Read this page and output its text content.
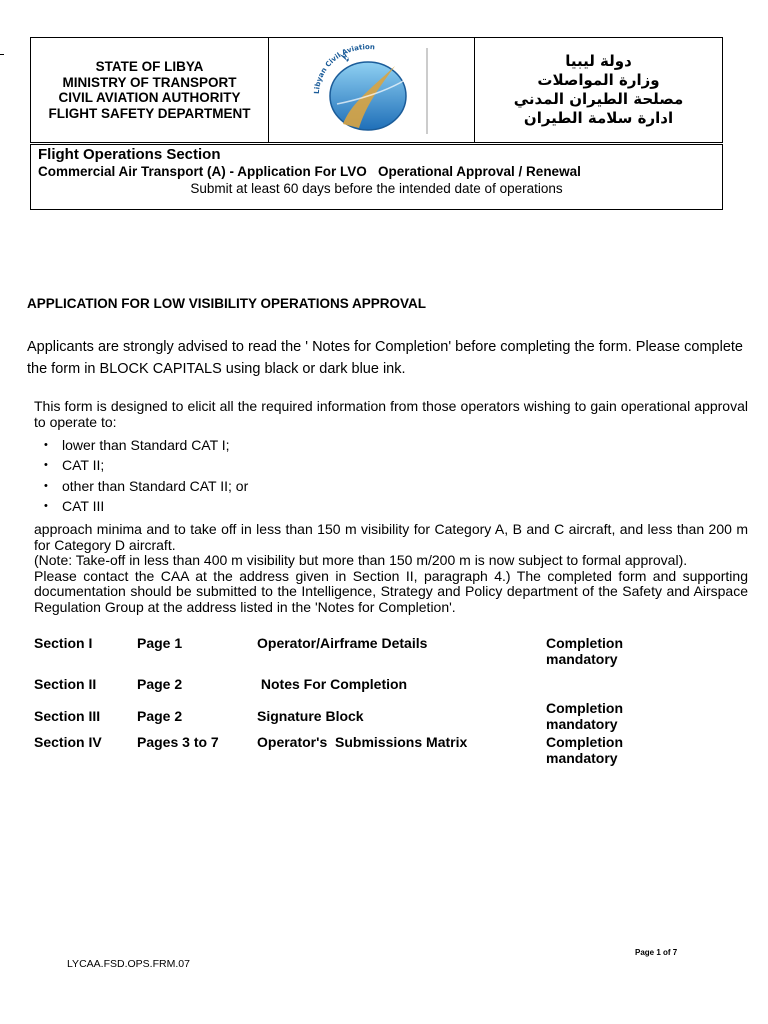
STATE OF LIBYA
MINISTRY OF TRANSPORT
CIVIL AVIATION AUTHORITY
FLIGHT SAFETY DEPARTMENT
Libyan Civil Aviation
دولة ليبيا
وزارة المواصلات
مصلحة الطيران المدني
ادارة سلامة الطيران
Flight Operations Section
Commercial Air Transport (A) - Application For LVO   Operational Approval / Renewal
Submit at least 60 days before the intended date of operations
APPLICATION FOR LOW VISIBILITY OPERATIONS APPROVAL
Applicants are strongly advised to read the ' Notes for Completion' before completing the form. Please complete the form in BLOCK CAPITALS using black or dark blue ink.
This form is designed to elicit all the required information from those operators wishing to gain operational approval to operate to:
•	lower than Standard CAT I;
•	CAT II;
•	other than Standard CAT II; or
•	CAT III

approach minima and to take off in less than 150 m visibility for Category A, B and C aircraft, and less than 200 m for Category D aircraft.

(Note: Take-off in less than 400 m visibility but more than 150 m/200 m is now subject to formal approval).

Please contact the CAA at the address given in Section II, paragraph 4.) The completed form and supporting documentation should be submitted to the Intelligence, Strategy and Policy department of the Safety and Airspace Regulation Group at the address listed in the 'Notes for Completion'.

Section I	Page 1	Operator/Airframe Details	Completion
mandatory
Section II	Page 2	Notes For Completion
Section III	Page 2	Signature Block	Completion
mandatory
Section IV	Pages 3 to 7	Operator's  Submissions Matrix	Completion
mandatory
Page 1 of 7
LYCAA.FSD.OPS.FRM.07
